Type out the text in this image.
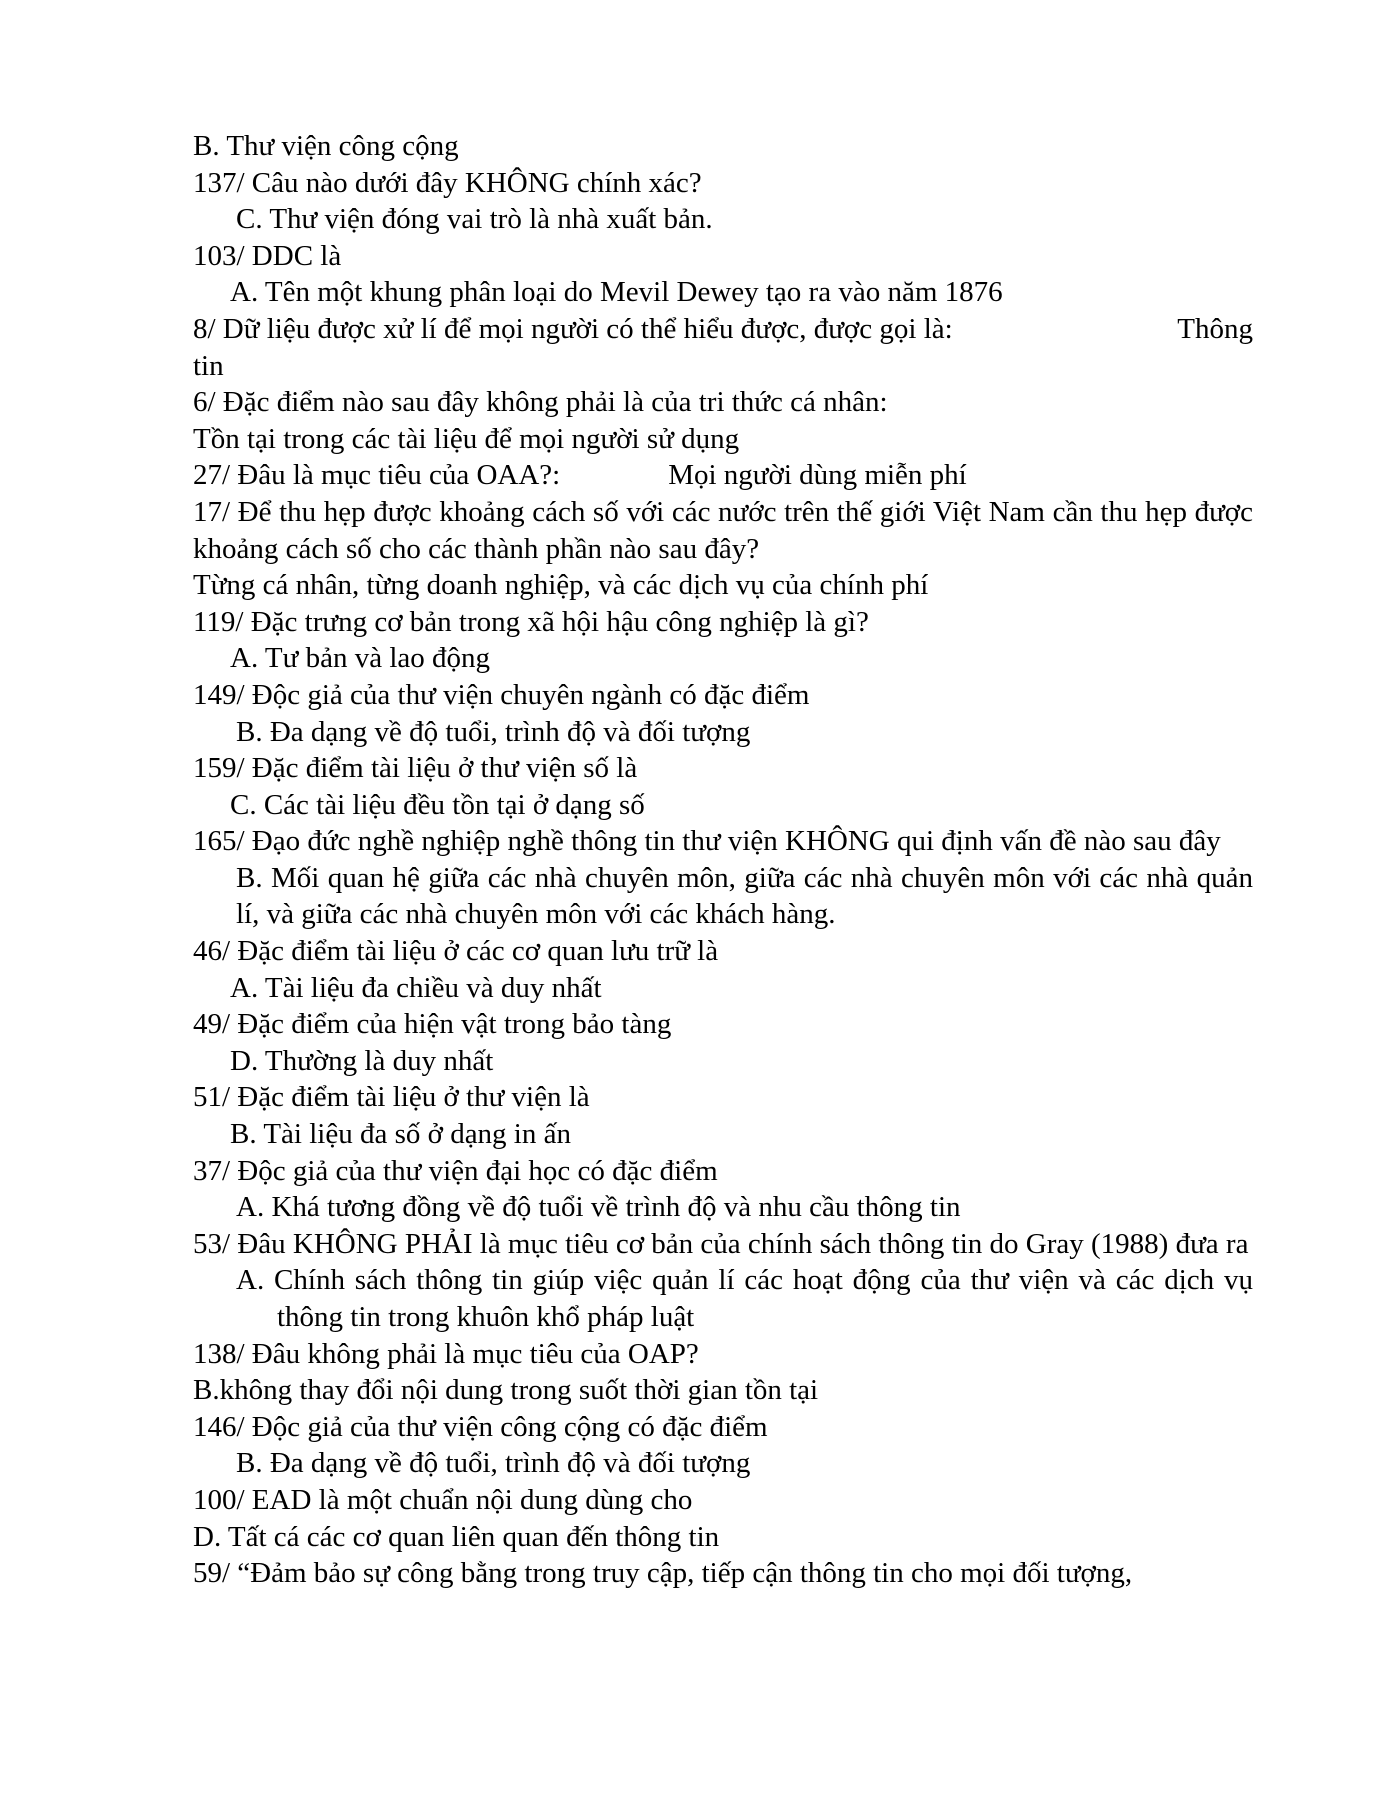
B. Thư viện công cộng
137/ Câu nào dưới đây KHÔNG chính xác?
C. Thư viện đóng vai trò là nhà xuất bản.
103/ DDC là
A. Tên một khung phân loại do Mevil Dewey tạo ra vào năm 1876
8/ Dữ liệu được xử lí để mọi người có thể hiểu được, được gọi là:	Thông
tin
6/ Đặc điểm nào sau đây không phải là của tri thức cá nhân:
Tồn tại trong các tài liệu để mọi người sử dụng
27/ Đâu là mục tiêu của OAA?:	Mọi người dùng miễn phí
17/ Để thu hẹp được khoảng cách số với các nước trên thế giới Việt Nam cần thu hẹp được khoảng cách số cho các thành phần nào sau đây?
Từng cá nhân, từng doanh nghiệp, và các dịch vụ của chính phí
119/ Đặc trưng cơ bản trong xã hội hậu công nghiệp là gì?
A. Tư bản và lao động
149/ Độc giả của thư viện chuyên ngành có đặc điểm
B. Đa dạng về độ tuổi, trình độ và đối tượng
159/ Đặc điểm tài liệu ở thư viện số là
C. Các tài liệu đều tồn tại ở dạng số
165/ Đạo đức nghề nghiệp nghề thông tin thư viện KHÔNG qui định vấn đề nào sau đây
B. Mối quan hệ giữa các nhà chuyên môn, giữa các nhà chuyên môn với các nhà quản lí, và giữa các nhà chuyên môn với các khách hàng.
46/ Đặc điểm tài liệu ở các cơ quan lưu trữ là
A. Tài liệu đa chiều và duy nhất
49/ Đặc điểm của hiện vật trong bảo tàng
D. Thường là duy nhất
51/ Đặc điểm tài liệu ở thư viện là
B. Tài liệu đa số ở dạng in ấn
37/ Độc giả của thư viện đại học có đặc điểm
A. Khá tương đồng về độ tuổi về trình độ và nhu cầu thông tin
53/ Đâu KHÔNG PHẢI là mục tiêu cơ bản của chính sách thông tin do Gray (1988) đưa ra
A. Chính sách thông tin giúp việc quản lí các hoạt động của thư viện và các dịch vụ thông tin trong khuôn khổ pháp luật
138/ Đâu không phải là mục tiêu của OAP?
B.không thay đổi nội dung trong suốt thời gian tồn tại
146/ Độc giả của thư viện công cộng có đặc điểm
B. Đa dạng về độ tuổi, trình độ và đối tượng
100/ EAD là một chuẩn nội dung dùng cho
D. Tất cá các cơ quan liên quan đến thông tin
59/ “Đảm bảo sự công bằng trong truy cập, tiếp cận thông tin cho mọi đối tượng,
